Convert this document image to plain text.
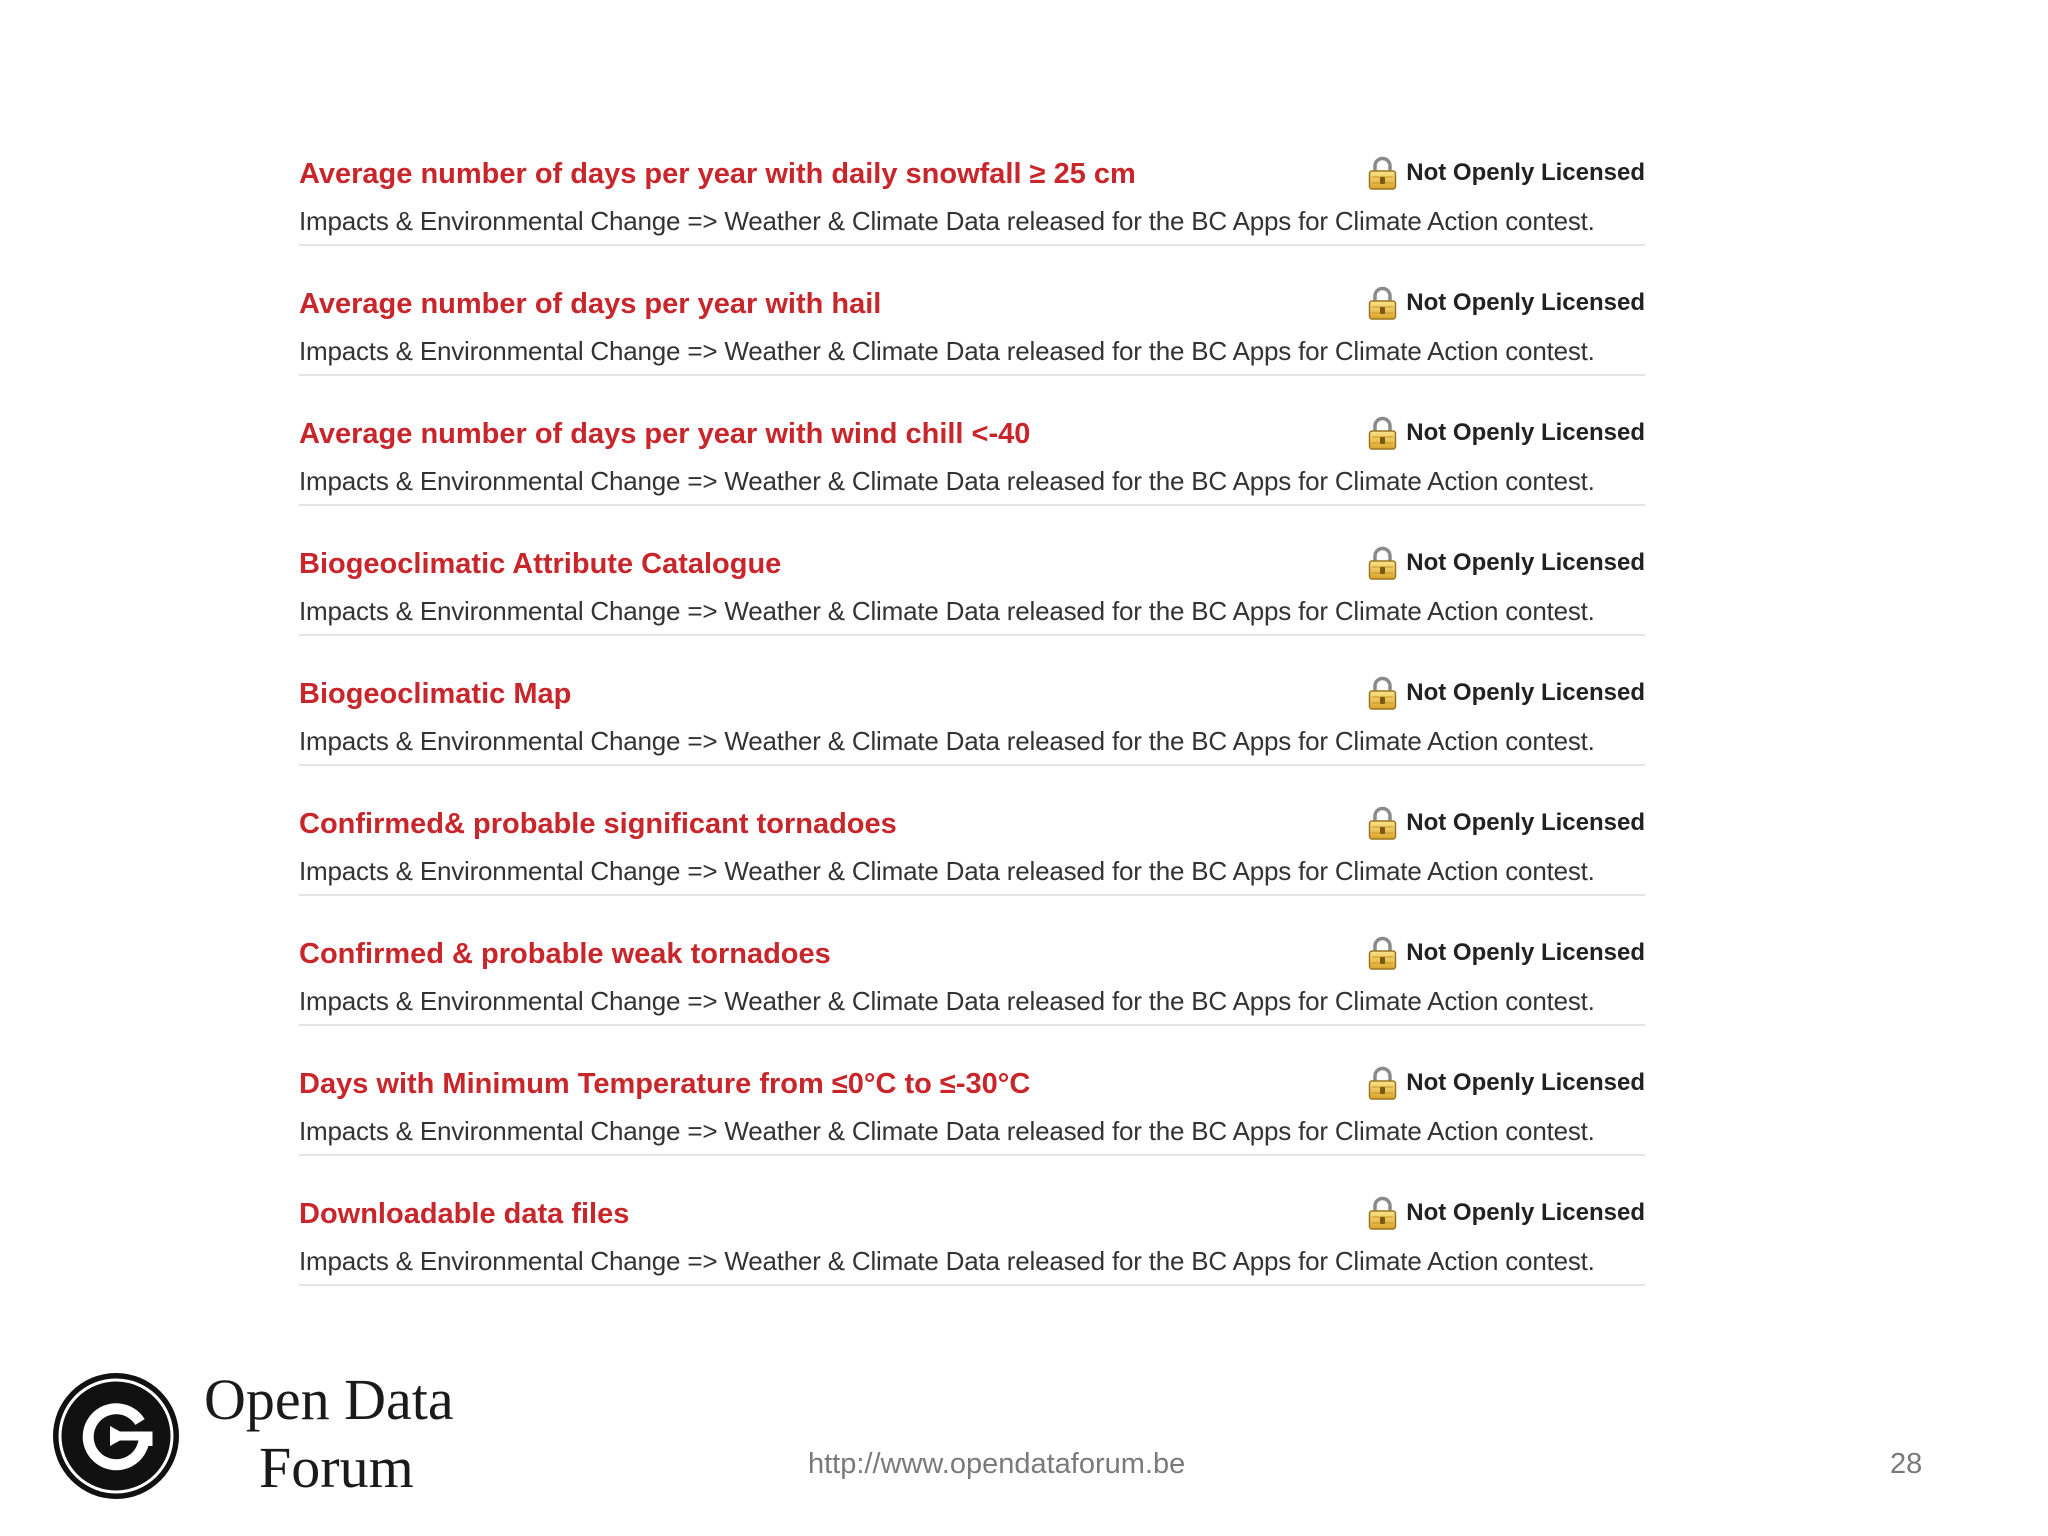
Average number of days per year with daily snowfall ≥ 25 cm	Not Openly Licensed
Impacts & Environmental Change => Weather & Climate Data released for the BC Apps for Climate Action contest.
Average number of days per year with hail	Not Openly Licensed
Impacts & Environmental Change => Weather & Climate Data released for the BC Apps for Climate Action contest.
Average number of days per year with wind chill <-40	Not Openly Licensed
Impacts & Environmental Change => Weather & Climate Data released for the BC Apps for Climate Action contest.
Biogeoclimatic Attribute Catalogue	Not Openly Licensed
Impacts & Environmental Change => Weather & Climate Data released for the BC Apps for Climate Action contest.
Biogeoclimatic Map	Not Openly Licensed
Impacts & Environmental Change => Weather & Climate Data released for the BC Apps for Climate Action contest.
Confirmed& probable significant tornadoes	Not Openly Licensed
Impacts & Environmental Change => Weather & Climate Data released for the BC Apps for Climate Action contest.
Confirmed & probable weak tornadoes	Not Openly Licensed
Impacts & Environmental Change => Weather & Climate Data released for the BC Apps for Climate Action contest.
Days with Minimum Temperature from ≤0°C to ≤-30°C	Not Openly Licensed
Impacts & Environmental Change => Weather & Climate Data released for the BC Apps for Climate Action contest.
Downloadable data files	Not Openly Licensed
Impacts & Environmental Change => Weather & Climate Data released for the BC Apps for Climate Action contest.
Open Data
Forum	http://www.opendataforum.be	28
